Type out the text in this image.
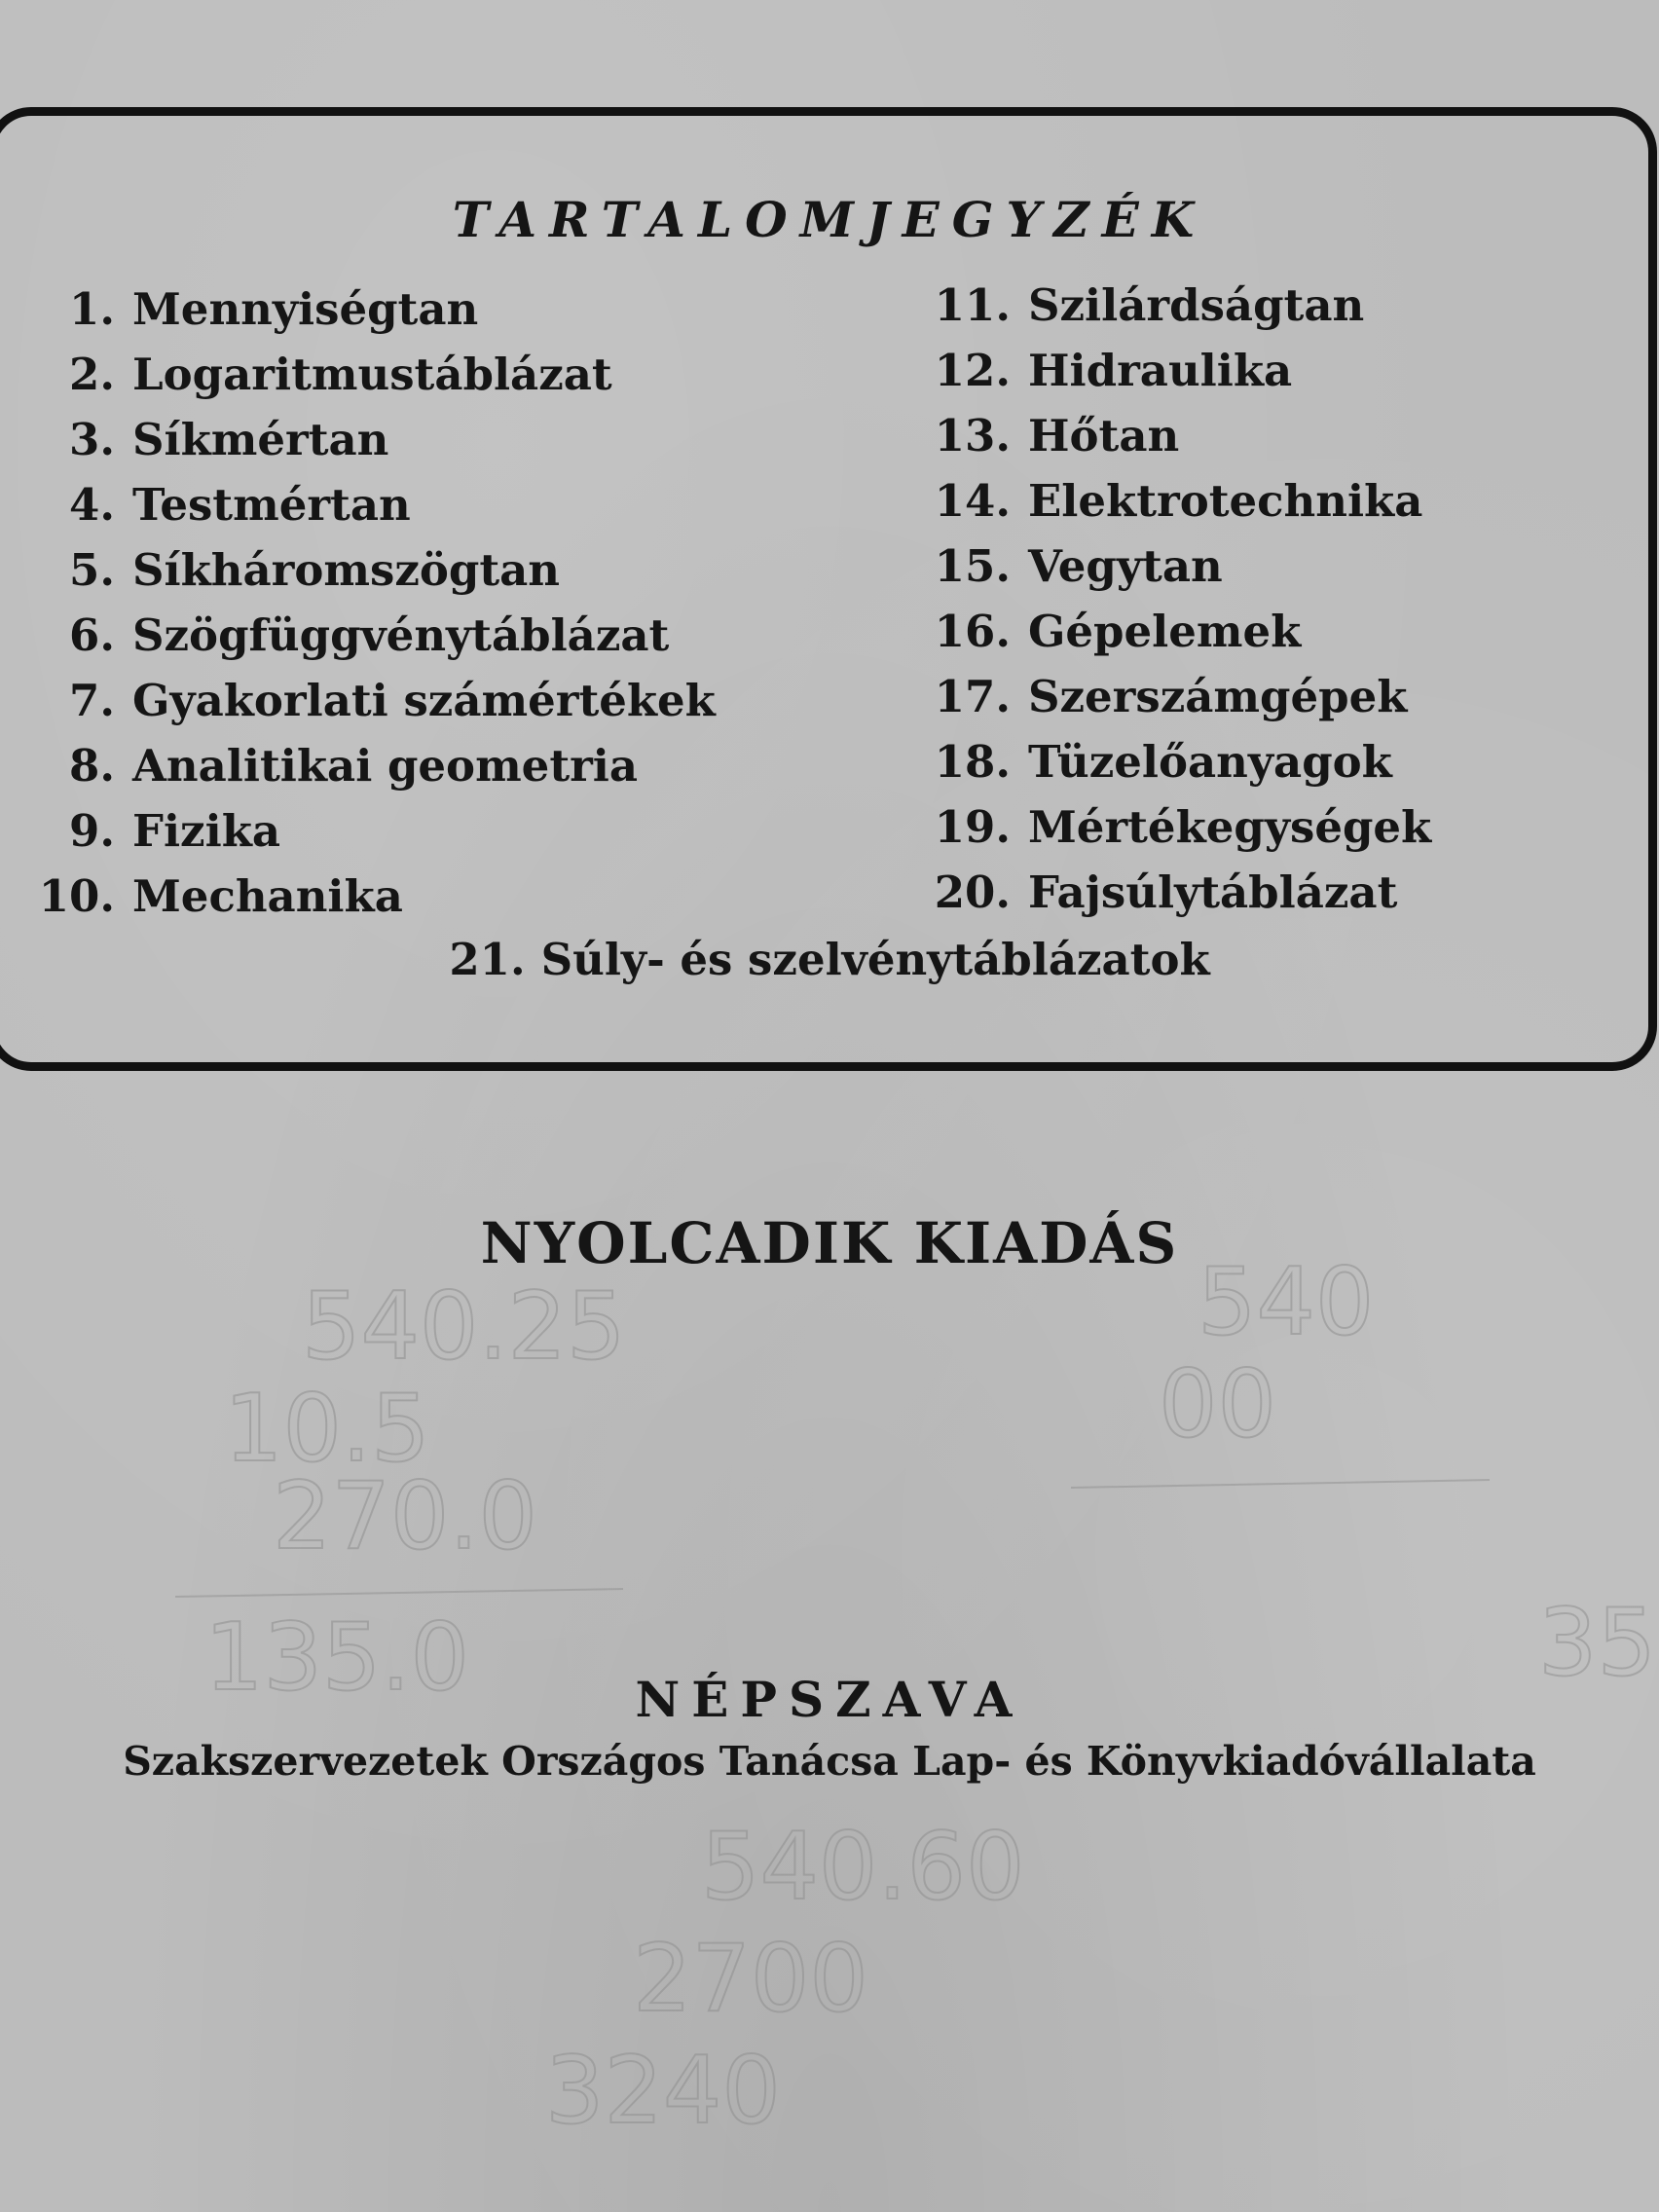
540.25
10.5
270.0
135.0
540
00
540.60
2700
3240
35
TARTALOMJEGYZÉK
1. Mennyiségtan
2. Logaritmustáblázat
3. Síkmértan
4. Testmértan
5. Síkháromszögtan
6. Szögfüggvénytáblázat
7. Gyakorlati számértékek
8. Analitikai geometria
9. Fizika
10. Mechanika
11. Szilárdságtan
12. Hidraulika
13. Hőtan
14. Elektrotechnika
15. Vegytan
16. Gépelemek
17. Szerszámgépek
18. Tüzelőanyagok
19. Mértékegységek
20. Fajsúlytáblázat
21. Súly- és szelvénytáblázatok
NYOLCADIK KIADÁS
NÉPSZAVA
Szakszervezetek Országos Tanácsa Lap- és Könyvkiadóvállalata
